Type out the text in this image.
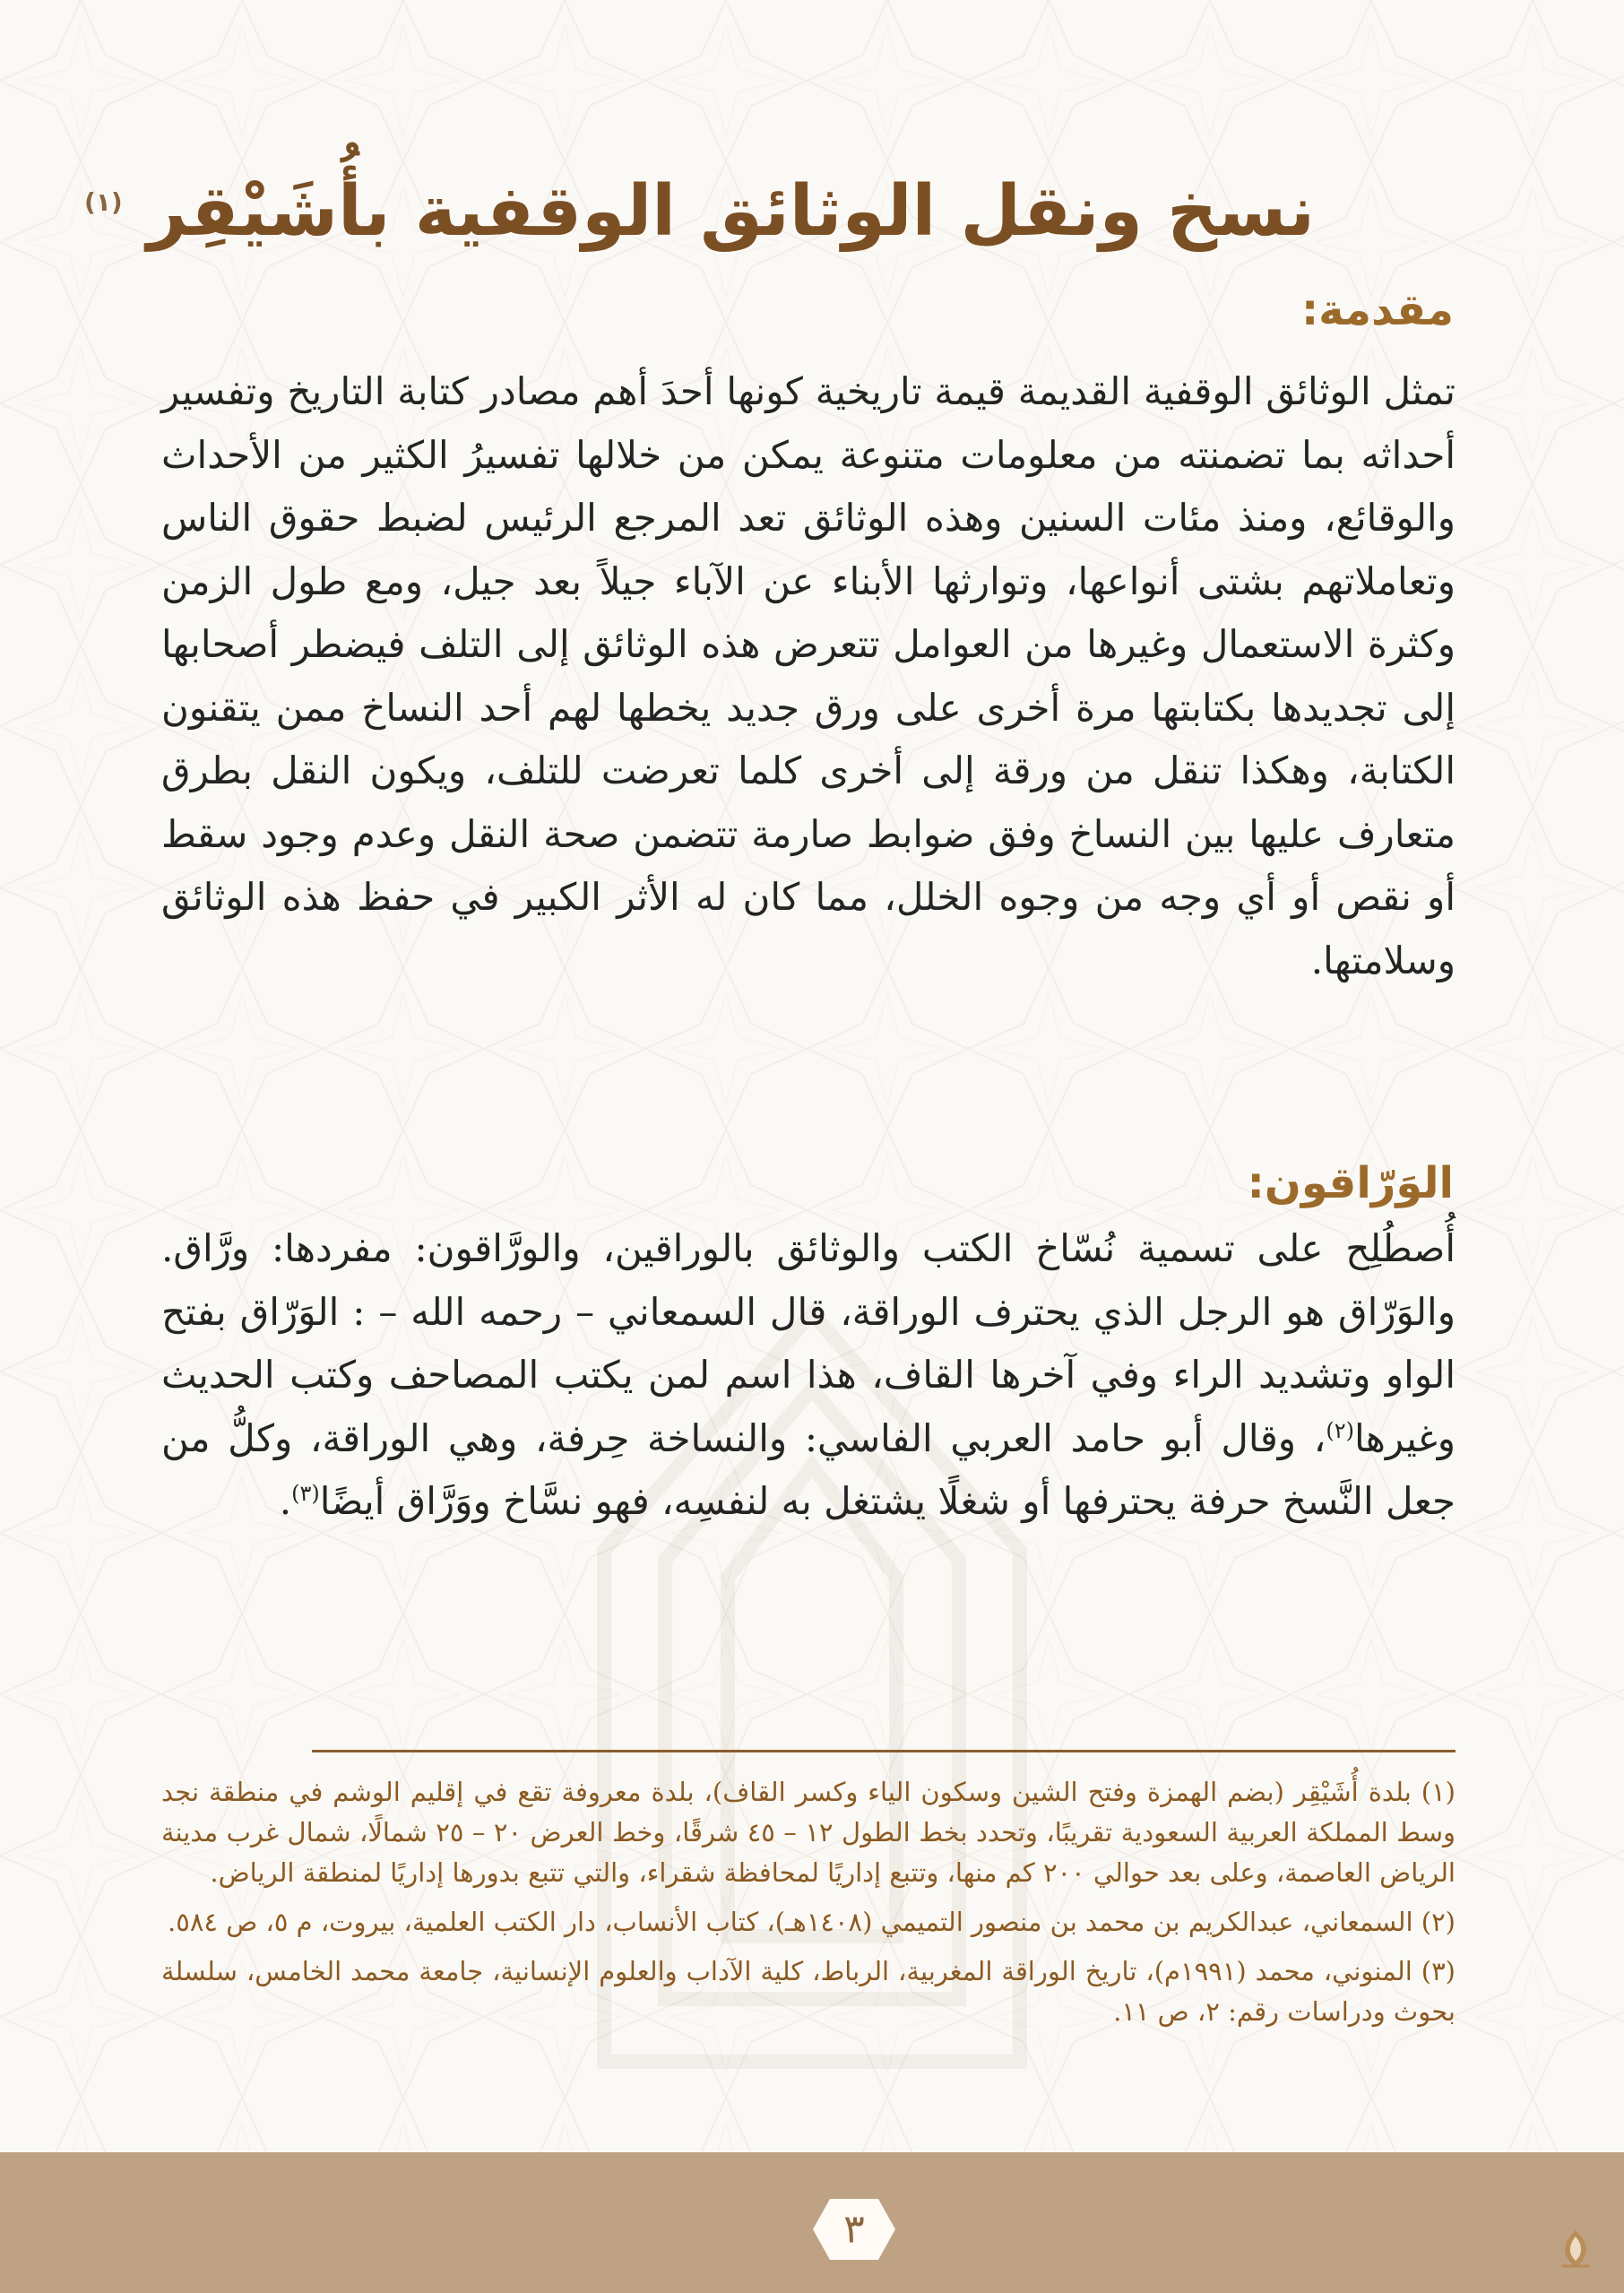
نسخ ونقل الوثائق الوقفية بأُشَيْقِر $^{(١)}$
مقدمة:

تمثل الوثائق الوقفية القديمة قيمة تاريخية كونها أحدَ أهم مصادر كتابة التاريخ وتفسير أحداثه بما تضمنته من معلومات متنوعة يمكن من خلالها تفسيرُ الكثير من الأحداث والوقائع، ومنذ مئات السنين وهذه الوثائق تعد المرجع الرئيس لضبط حقوق الناس وتعاملاتهم بشتى أنواعها، وتوارثها الأبناء عن الآباء جيلاً بعد جيل، ومع طول الزمن وكثرة الاستعمال وغيرها من العوامل تتعرض هذه الوثائق إلى التلف فيضطر أصحابها إلى تجديدها بكتابتها مرة أخرى على ورق جديد يخطها لهم أحد النساخ ممن يتقنون الكتابة، وهكذا تنقل من ورقة إلى أخرى كلما تعرضت للتلف، ويكون النقل بطرق متعارف عليها بين النساخ وفق ضوابط صارمة تتضمن صحة النقل وعدم وجود سقط أو نقص أو أي وجه من وجوه الخلل، مما كان له الأثر الكبير في حفظ هذه الوثائق وسلامتها.

الوَرّاقون:

أُصطُلِح على تسمية نُسّاخ الكتب والوثائق بالوراقين، والورَّاقون: مفردها: ورَّاق. والوَرّاق هو الرجل الذي يحترف الوراقة، قال السمعاني – رحمه الله – : الوَرّاق بفتح الواو وتشديد الراء وفي آخرها القاف، هذا اسم لمن يكتب المصاحف وكتب الحديث وغيرها$^{(٢)}$، وقال أبو حامد العربي الفاسي: والنساخة حِرفة، وهي الوراقة، وكلُّ من جعل النَّسخ حرفة يحترفها أو شغلًا يشتغل به لنفسِه، فهو نسَّاخ ووَرَّاق أيضًا$^{(٣)}$.

(١) بلدة أُشَيْقِر (بضم الهمزة وفتح الشين وسكون الياء وكسر القاف)، بلدة معروفة تقع في إقليم الوشم في منطقة نجد وسط المملكة العربية السعودية تقريبًا، وتحدد بخط الطول ١٢ – ٤٥ شرقًا، وخط العرض ٢٠ – ٢٥ شمالًا، شمال غرب مدينة الرياض العاصمة، وعلى بعد حوالي ٢٠٠ كم منها، وتتبع إداريًا لمحافظة شقراء، والتي تتبع بدورها إداريًا لمنطقة الرياض.
(٢) السمعاني، عبدالكريم بن محمد بن منصور التميمي (١٤٠٨هـ)، كتاب الأنساب، دار الكتب العلمية، بيروت، م ٥، ص ٥٨٤.
(٣) المنوني، محمد (١٩٩١م)، تاريخ الوراقة المغربية، الرباط، كلية الآداب والعلوم الإنسانية، جامعة محمد الخامس، سلسلة بحوث ودراسات رقم: ٢، ص ١١.
٣
